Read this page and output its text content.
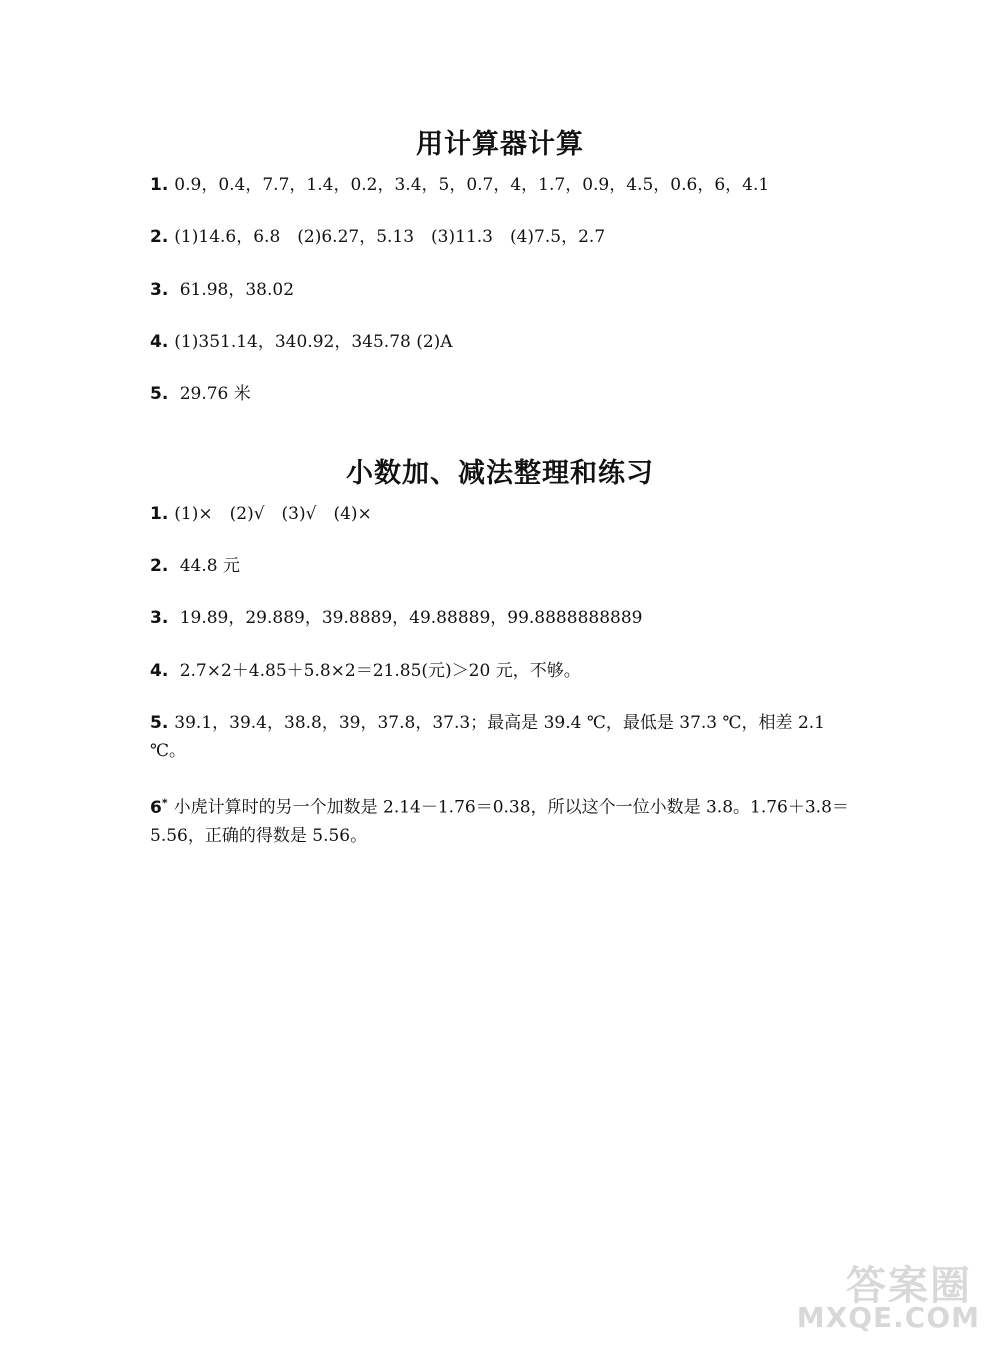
用计算器计算
1. 0.9，0.4，7.7，1.4，0.2，3.4，5，0.7，4，1.7，0.9，4.5，0.6，6，4.1
2. (1)14.6，6.8　(2)6.27，5.13　(3)11.3　(4)7.5，2.7
3. 61.98，38.02
4. (1)351.14，340.92，345.78 (2)A
5. 29.76 米
小数加、减法整理和练习
1. (1)×　(2)√　(3)√　(4)×
2. 44.8 元
3. 19.89，29.889，39.8889，49.88889，99.8888888889
4. 2.7×2＋4.85＋5.8×2＝21.85(元)＞20 元，不够。
5. 39.1，39.4，38.8，39，37.8，37.3；最高是 39.4 ℃，最低是 37.3 ℃，相差 2.1 ℃。
6* 小虎计算时的另一个加数是 2.14－1.76＝0.38，所以这个一位小数是 3.8。1.76＋3.8＝5.56，正确的得数是 5.56。
答案圈
MXQE.COM
